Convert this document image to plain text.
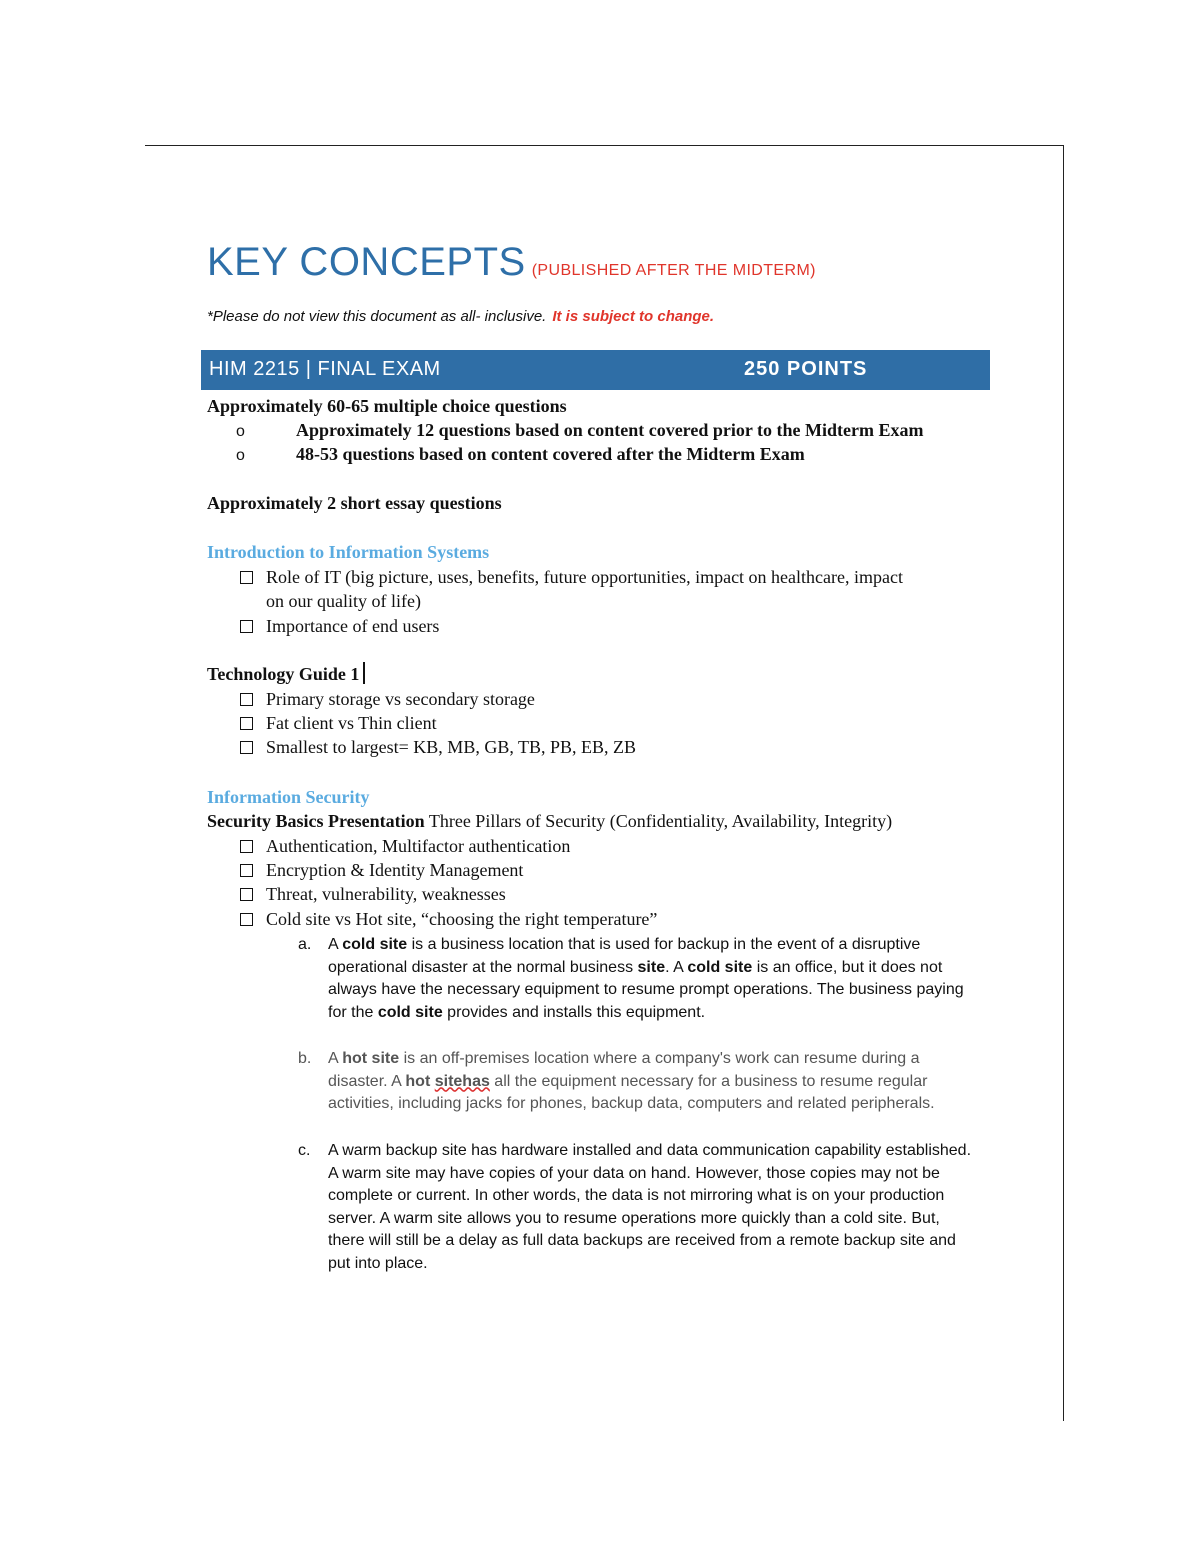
KEY CONCEPTS (PUBLISHED AFTER THE MIDTERM)
*Please do not view this document as all- inclusive. It is subject to change.
HIM 2215 | FINAL EXAM	250 POINTS
Approximately 60-65 multiple choice questions
o	Approximately 12 questions based on content covered prior to the Midterm Exam
o	48-53 questions based on content covered after the Midterm Exam
Approximately 2 short essay questions
Introduction to Information Systems
Role of IT (big picture, uses, benefits, future opportunities, impact on healthcare, impact
on our quality of life)
Importance of end users
Technology Guide 1
Primary storage vs secondary storage
Fat client vs Thin client
Smallest to largest= KB, MB, GB, TB, PB, EB, ZB
Information Security
Security Basics Presentation Three Pillars of Security (Confidentiality, Availability, Integrity)
Authentication, Multifactor authentication
Encryption & Identity Management
Threat, vulnerability, weaknesses
Cold site vs Hot site, “choosing the right temperature”
a. A cold site is a business location that is used for backup in the event of a disruptive operational disaster at the normal business site. A cold site is an office, but it does not always have the necessary equipment to resume prompt operations. The business paying for the cold site provides and installs this equipment.
b. A hot site is an off-premises location where a company's work can resume during a disaster. A hot sitehas all the equipment necessary for a business to resume regular activities, including jacks for phones, backup data, computers and related peripherals.
c. A warm backup site has hardware installed and data communication capability established. A warm site may have copies of your data on hand. However, those copies may not be complete or current. In other words, the data is not mirroring what is on your production server. A warm site allows you to resume operations more quickly than a cold site. But, there will still be a delay as full data backups are received from a remote backup site and put into place.
